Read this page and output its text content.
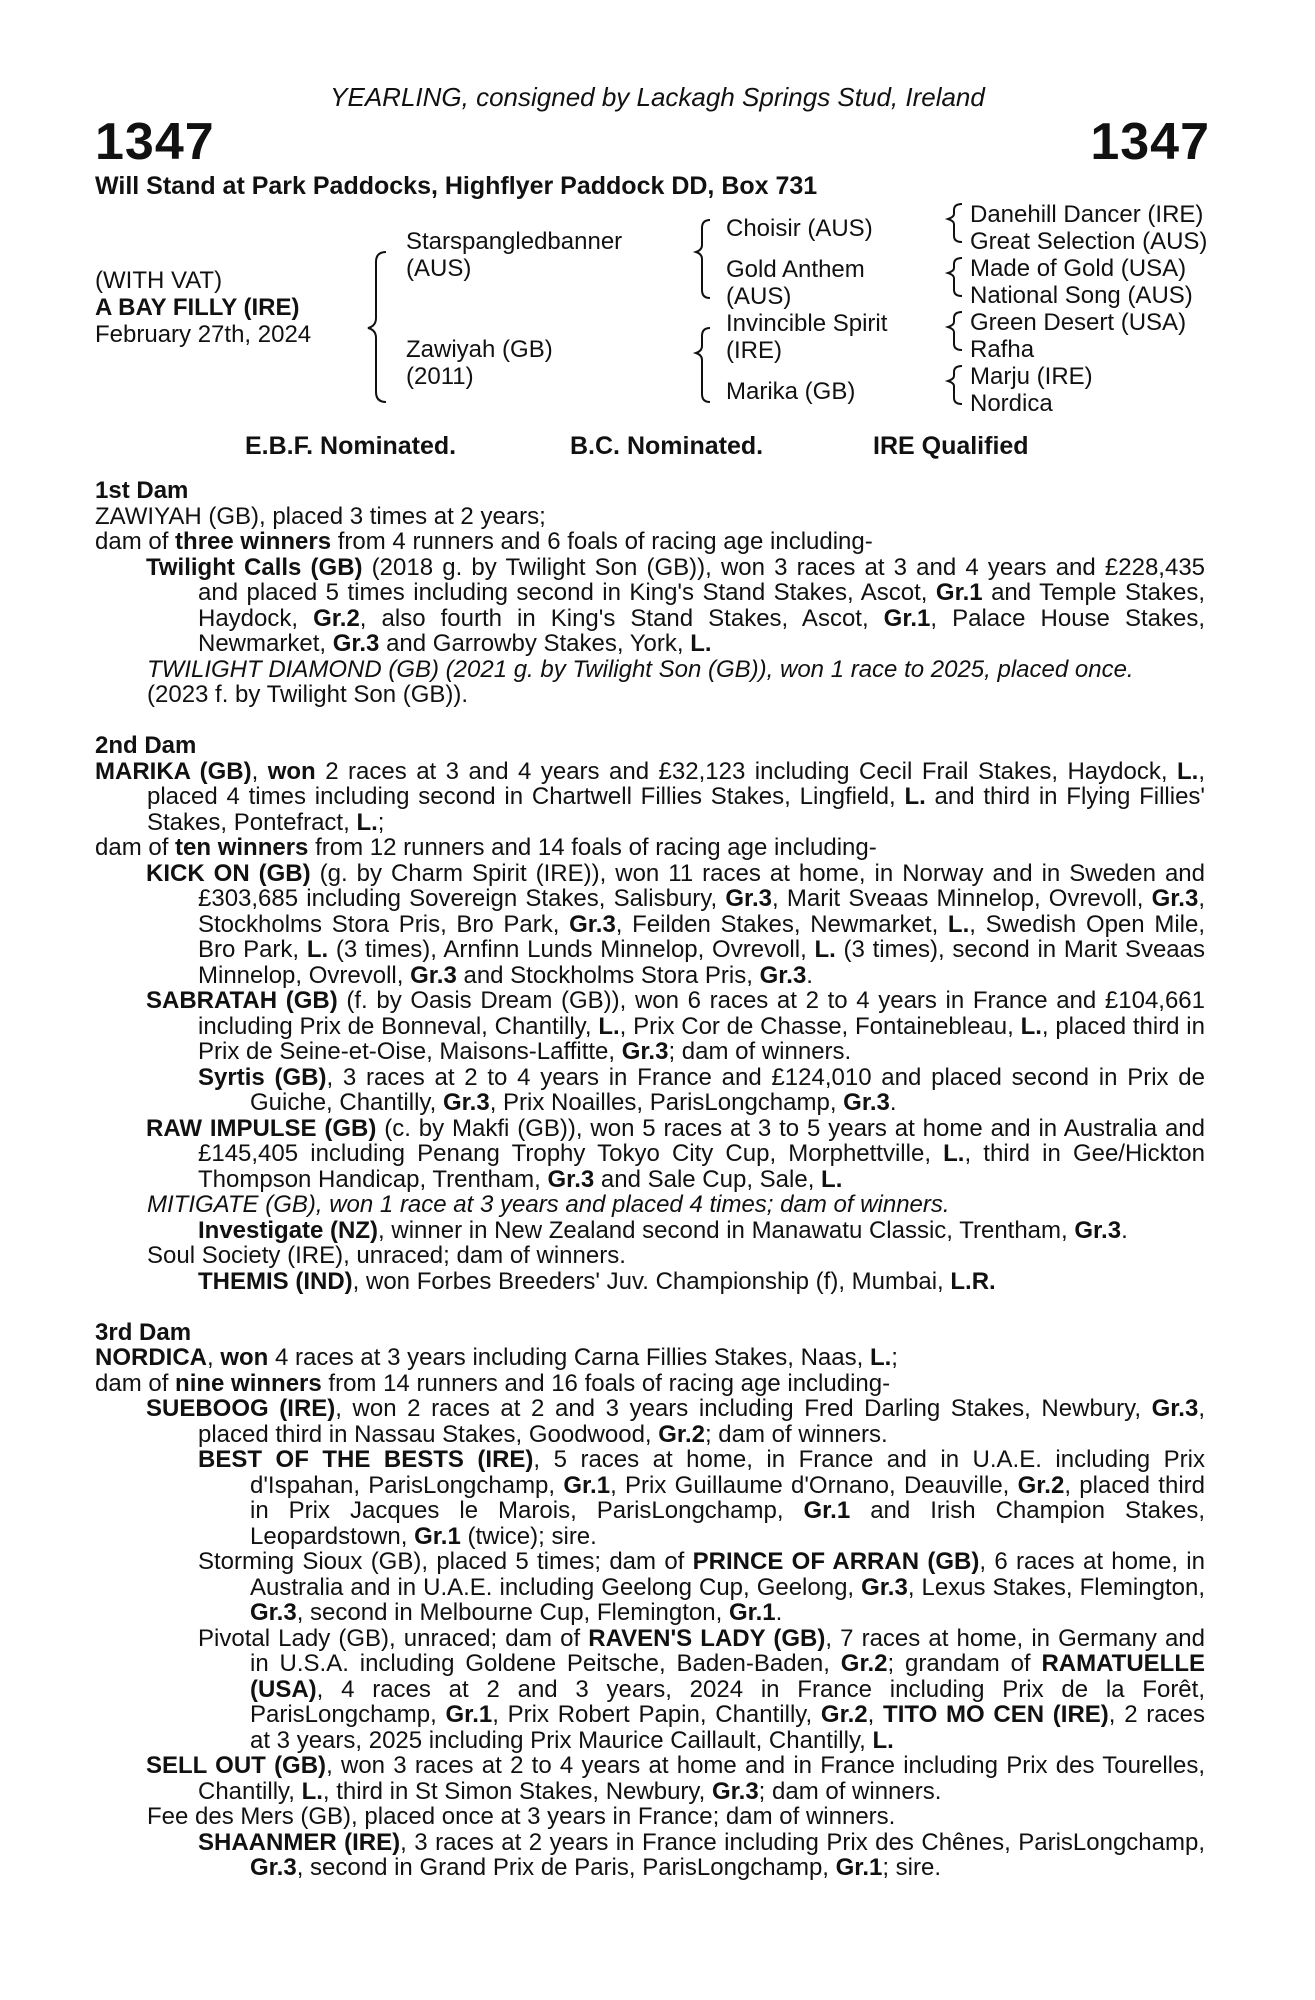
YEARLING, consigned by Lackagh Springs Stud, Ireland
1347	1347
Will Stand at Park Paddocks, Highflyer Paddock DD, Box 731
(WITH VAT)
A BAY FILLY (IRE)
February 27th, 2024
Starspangledbanner
(AUS)
Zawiyah (GB)
(2011)
Choisir (AUS)
Gold Anthem
(AUS)
Invincible Spirit
(IRE)
Marika (GB)
Danehill Dancer (IRE)
Great Selection (AUS)
Made of Gold (USA)
National Song (AUS)
Green Desert (USA)
Rafha
Marju (IRE)
Nordica
E.B.F. Nominated.	B.C. Nominated.	IRE Qualified

1st Dam

ZAWIYAH (GB), placed 3 times at 2 years;

dam of three winners from 4 runners and 6 foals of racing age including-

Twilight Calls (GB) (2018 g. by Twilight Son (GB)), won 3 races at 3 and 4 years and £228,435 and placed 5 times including second in King's Stand Stakes, Ascot, Gr.1 and Temple Stakes, Haydock, Gr.2, also fourth in King's Stand Stakes, Ascot, Gr.1, Palace House Stakes, Newmarket, Gr.3 and Garrowby Stakes, York, L.

TWILIGHT DIAMOND (GB) (2021 g. by Twilight Son (GB)), won 1 race to 2025, placed once.

(2023 f. by Twilight Son (GB)).

2nd Dam

MARIKA (GB), won 2 races at 3 and 4 years and £32,123 including Cecil Frail Stakes, Haydock, L., placed 4 times including second in Chartwell Fillies Stakes, Lingfield, L. and third in Flying Fillies' Stakes, Pontefract, L.;

dam of ten winners from 12 runners and 14 foals of racing age including-

KICK ON (GB) (g. by Charm Spirit (IRE)), won 11 races at home, in Norway and in Sweden and £303,685 including Sovereign Stakes, Salisbury, Gr.3, Marit Sveaas Minnelop, Ovrevoll, Gr.3, Stockholms Stora Pris, Bro Park, Gr.3, Feilden Stakes, Newmarket, L., Swedish Open Mile, Bro Park, L. (3 times), Arnfinn Lunds Minnelop, Ovrevoll, L. (3 times), second in Marit Sveaas Minnelop, Ovrevoll, Gr.3 and Stockholms Stora Pris, Gr.3.

SABRATAH (GB) (f. by Oasis Dream (GB)), won 6 races at 2 to 4 years in France and £104,661 including Prix de Bonneval, Chantilly, L., Prix Cor de Chasse, Fontainebleau, L., placed third in Prix de Seine-et-Oise, Maisons-Laffitte, Gr.3; dam of winners.

Syrtis (GB), 3 races at 2 to 4 years in France and £124,010 and placed second in Prix de Guiche, Chantilly, Gr.3, Prix Noailles, ParisLongchamp, Gr.3.

RAW IMPULSE (GB) (c. by Makfi (GB)), won 5 races at 3 to 5 years at home and in Australia and £145,405 including Penang Trophy Tokyo City Cup, Morphettville, L., third in Gee/Hickton Thompson Handicap, Trentham, Gr.3 and Sale Cup, Sale, L.

MITIGATE (GB), won 1 race at 3 years and placed 4 times; dam of winners.

Investigate (NZ), winner in New Zealand second in Manawatu Classic, Trentham, Gr.3.

Soul Society (IRE), unraced; dam of winners.

THEMIS (IND), won Forbes Breeders' Juv. Championship (f), Mumbai, L.R.

3rd Dam

NORDICA, won 4 races at 3 years including Carna Fillies Stakes, Naas, L.;

dam of nine winners from 14 runners and 16 foals of racing age including-

SUEBOOG (IRE), won 2 races at 2 and 3 years including Fred Darling Stakes, Newbury, Gr.3, placed third in Nassau Stakes, Goodwood, Gr.2; dam of winners.

BEST OF THE BESTS (IRE), 5 races at home, in France and in U.A.E. including Prix d'Ispahan, ParisLongchamp, Gr.1, Prix Guillaume d'Ornano, Deauville, Gr.2, placed third in Prix Jacques le Marois, ParisLongchamp, Gr.1 and Irish Champion Stakes, Leopardstown, Gr.1 (twice); sire.

Storming Sioux (GB), placed 5 times; dam of PRINCE OF ARRAN (GB), 6 races at home, in Australia and in U.A.E. including Geelong Cup, Geelong, Gr.3, Lexus Stakes, Flemington, Gr.3, second in Melbourne Cup, Flemington, Gr.1.

Pivotal Lady (GB), unraced; dam of RAVEN'S LADY (GB), 7 races at home, in Germany and in U.S.A. including Goldene Peitsche, Baden-Baden, Gr.2; grandam of RAMATUELLE (USA), 4 races at 2 and 3 years, 2024 in France including Prix de la Forêt, ParisLongchamp, Gr.1, Prix Robert Papin, Chantilly, Gr.2, TITO MO CEN (IRE), 2 races at 3 years, 2025 including Prix Maurice Caillault, Chantilly, L.

SELL OUT (GB), won 3 races at 2 to 4 years at home and in France including Prix des Tourelles, Chantilly, L., third in St Simon Stakes, Newbury, Gr.3; dam of winners.

Fee des Mers (GB), placed once at 3 years in France; dam of winners.

SHAANMER (IRE), 3 races at 2 years in France including Prix des Chênes, ParisLongchamp, Gr.3, second in Grand Prix de Paris, ParisLongchamp, Gr.1; sire.
